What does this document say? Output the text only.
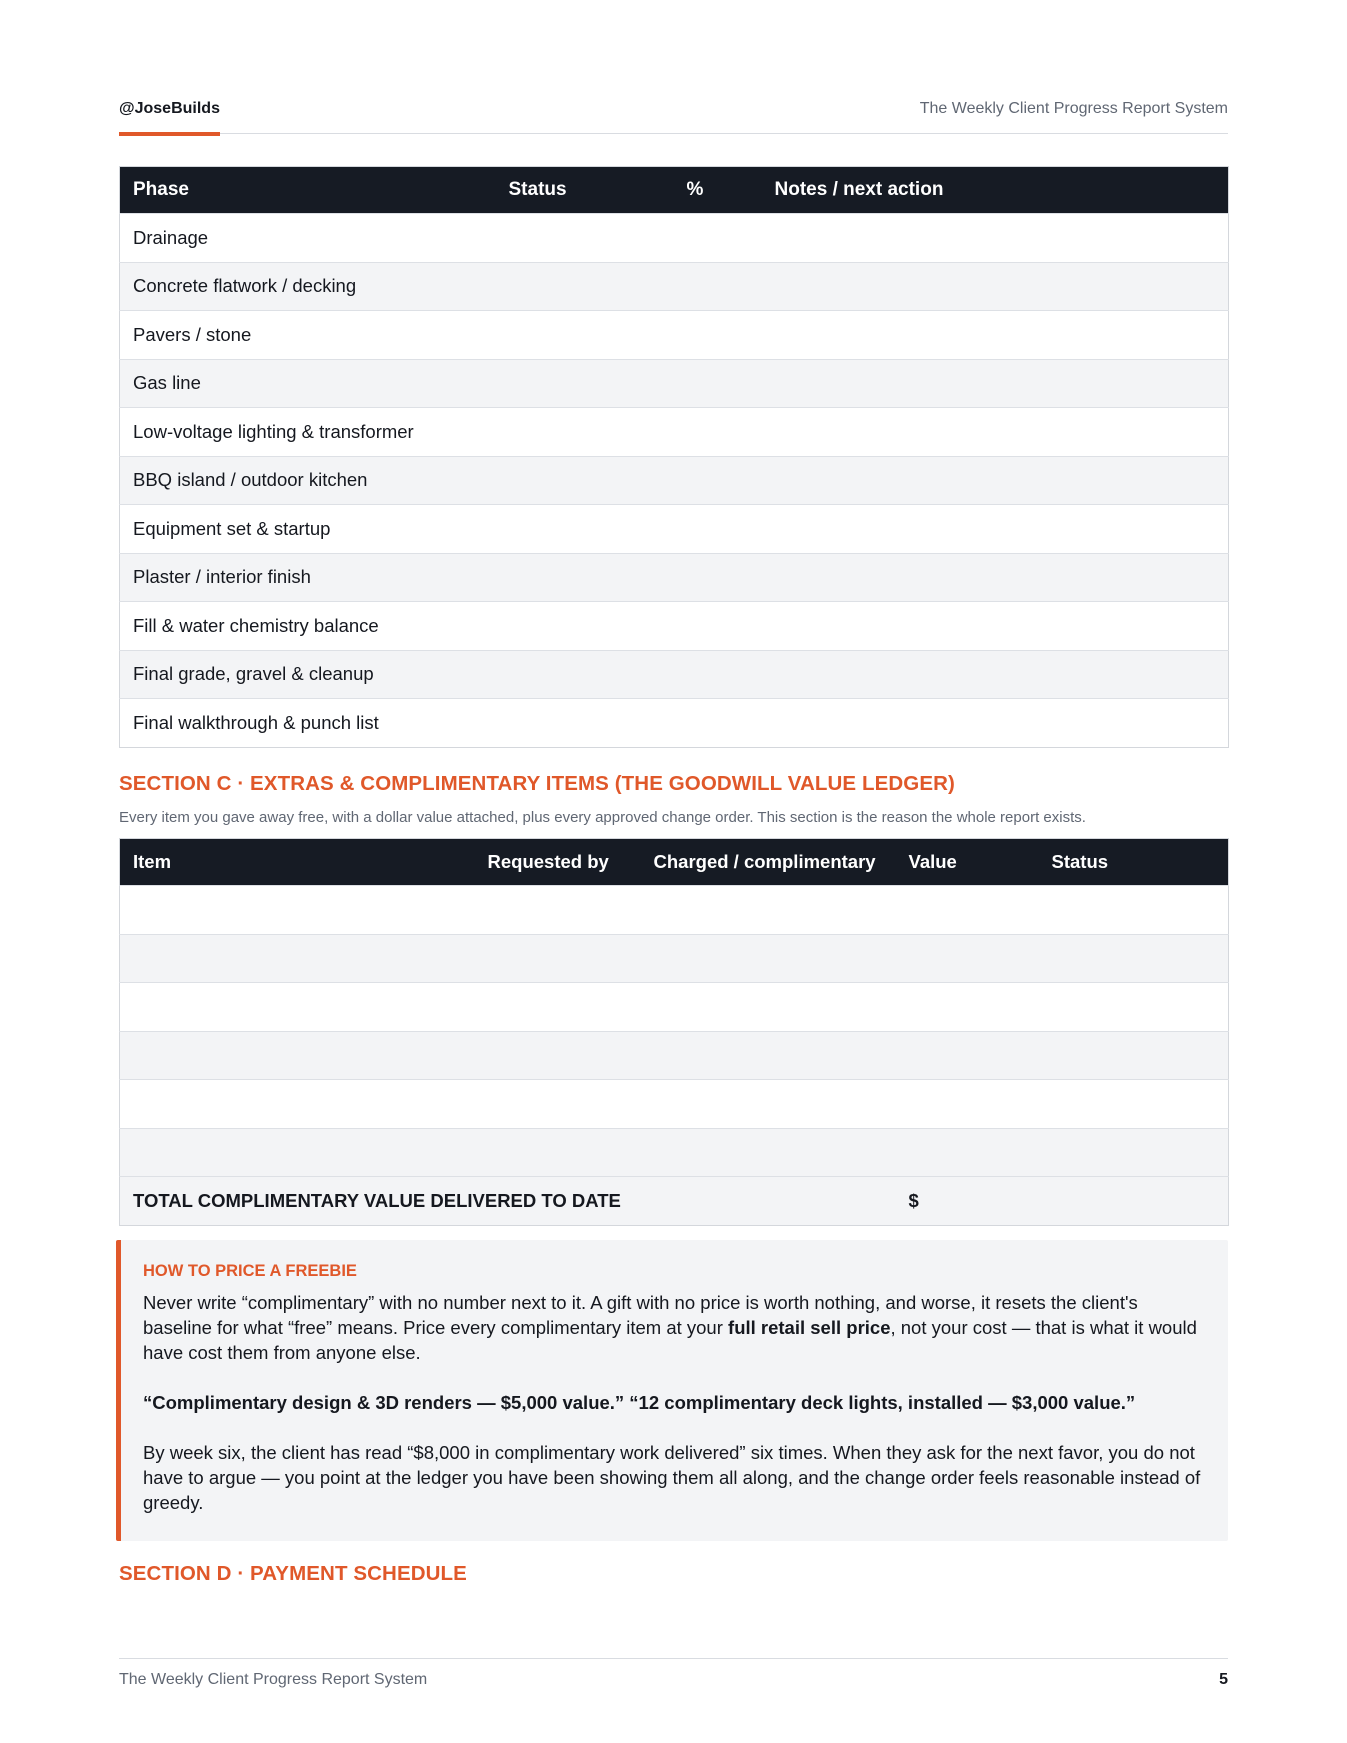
@JoseBuilds	The Weekly Client Progress Report System
Phase	Status	%	Notes / next action
Drainage			
Concrete flatwork / decking			
Pavers / stone			
Gas line			
Low-voltage lighting & transformer			
BBQ island / outdoor kitchen			
Equipment set & startup			
Plaster / interior finish			
Fill & water chemistry balance			
Final grade, gravel & cleanup			
Final walkthrough & punch list			
SECTION C · EXTRAS & COMPLIMENTARY ITEMS (THE GOODWILL VALUE LEDGER)
Every item you gave away free, with a dollar value attached, plus every approved change order. This section is the reason the whole report exists.
Item	Requested by	Charged / complimentary	Value	Status

TOTAL COMPLIMENTARY VALUE DELIVERED TO DATE			$	
HOW TO PRICE A FREEBIE

Never write “complimentary” with no number next to it. A gift with no price is worth nothing, and worse, it resets the client's baseline for what “free” means. Price every complimentary item at your full retail sell price, not your cost — that is what it would have cost them from anyone else.

“Complimentary design & 3D renders — $5,000 value.” “12 complimentary deck lights, installed — $3,000 value.”

By week six, the client has read “$8,000 in complimentary work delivered” six times. When they ask for the next favor, you do not have to argue — you point at the ledger you have been showing them all along, and the change order feels reasonable instead of greedy.

SECTION D · PAYMENT SCHEDULE
The Weekly Client Progress Report System	5
